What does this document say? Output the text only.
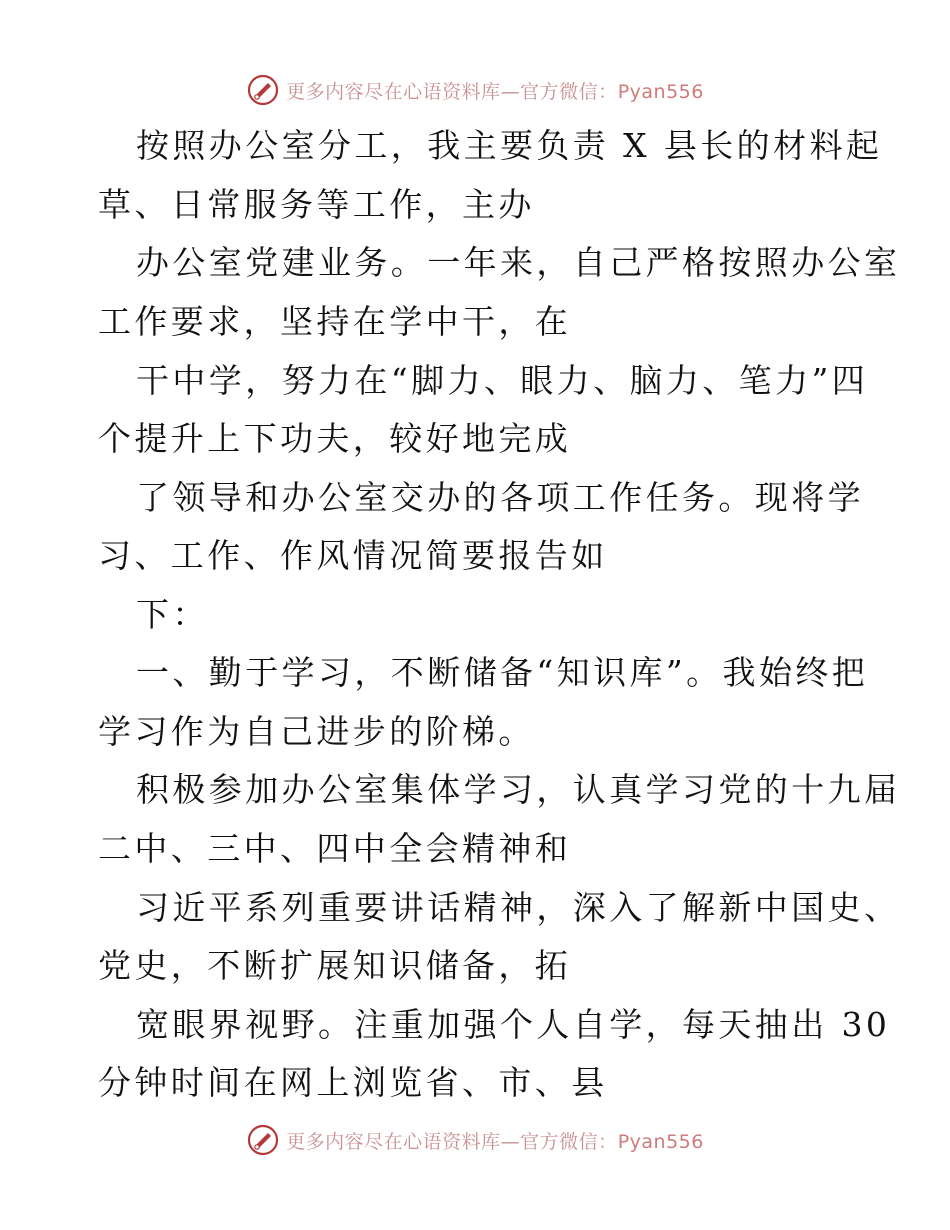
更多内容尽在心语资料库—官方微信：Pyan556
按照办公室分工，我主要负责 X 县长的材料起
草、日常服务等工作，主办
办公室党建业务。一年来，自己严格按照办公室
工作要求，坚持在学中干，在
干中学，努力在“脚力、眼力、脑力、笔力”四
个提升上下功夫，较好地完成
了领导和办公室交办的各项工作任务。现将学
习、工作、作风情况简要报告如
下：
一、勤于学习，不断储备“知识库”。我始终把
学习作为自己进步的阶梯。
积极参加办公室集体学习，认真学习党的十九届
二中、三中、四中全会精神和
习近平系列重要讲话精神，深入了解新中国史、
党史，不断扩展知识储备，拓
宽眼界视野。注重加强个人自学，每天抽出 30
分钟时间在网上浏览省、市、县
更多内容尽在心语资料库—官方微信：Pyan556
